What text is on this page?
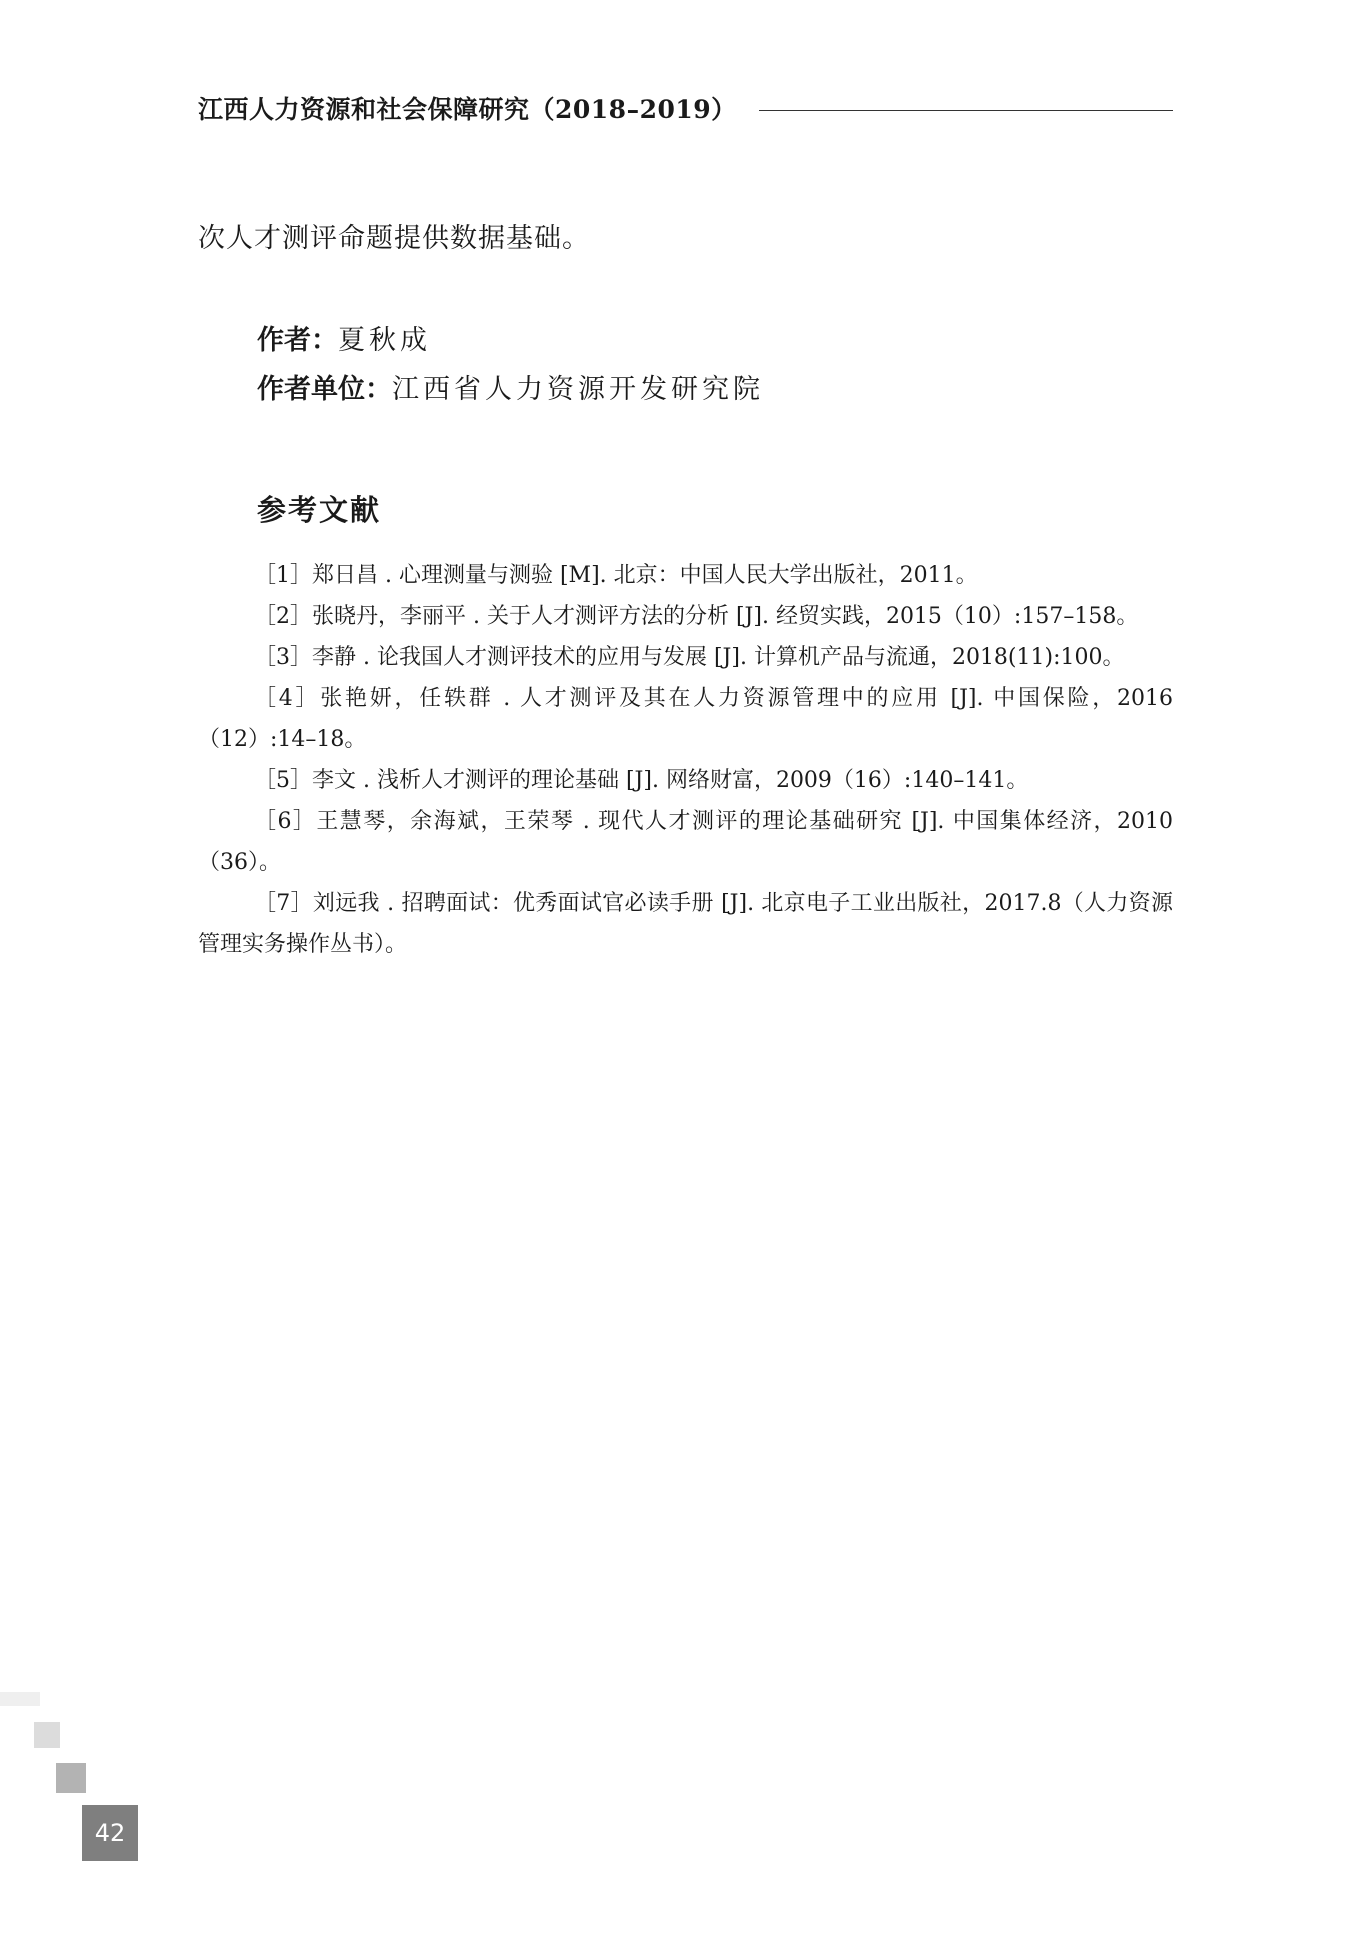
江西人力资源和社会保障研究（2018–2019）
次人才测评命题提供数据基础。
作者：夏秋成
作者单位：江西省人力资源开发研究院
参考文献

［1］郑日昌 . 心理测量与测验 [M]. 北京：中国人民大学出版社，2011。

［2］张晓丹，李丽平 . 关于人才测评方法的分析 [J]. 经贸实践，2015（10）:157–158。

［3］李静 . 论我国人才测评技术的应用与发展 [J]. 计算机产品与流通，2018(11):100。

［4］张艳妍，任轶群 . 人才测评及其在人力资源管理中的应用 [J]. 中国保险，2016（12）:14–18。

［5］李文 . 浅析人才测评的理论基础 [J]. 网络财富，2009（16）:140–141。

［6］王慧琴，余海斌，王荣琴 . 现代人才测评的理论基础研究 [J]. 中国集体经济，2010（36）。

［7］刘远我 . 招聘面试：优秀面试官必读手册 [J]. 北京电子工业出版社，2017.8（人力资源管理实务操作丛书）。

42
